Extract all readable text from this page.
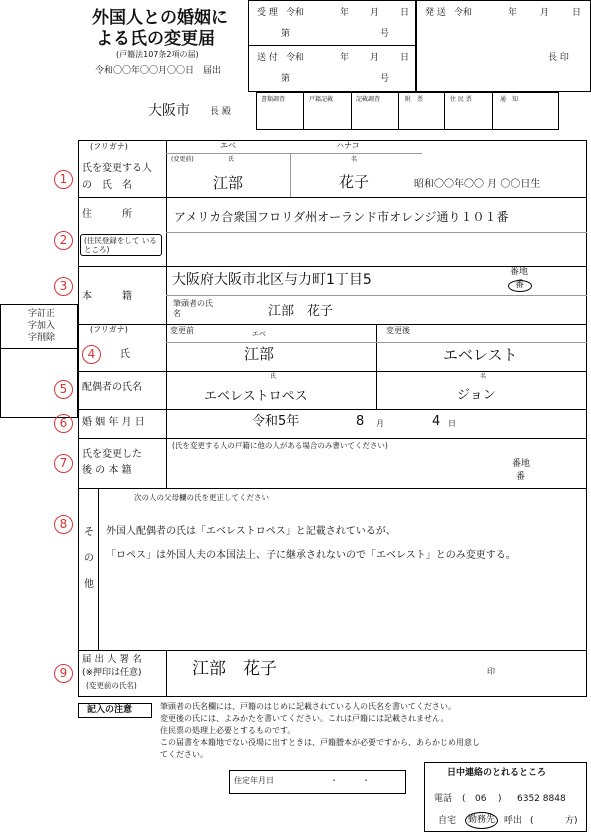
外国人との婚姻に
よる氏の変更届
(戸籍法107条2項の届)
令和〇〇年〇〇月〇〇日　届出
大阪市 長 殿
受 理 令和	年 月 日
第	号
送 付 令和	年 月 日
第	号
発 送 令和	年	月	日
長 印
書類調査	戸籍記載	記載調査	附　票	住 民 票	通　知
(フリガナ)	エベ	ハナコ
1
氏を変更する人
の　氏　名
(変更前)	氏	名
江部	花子	昭和〇〇年〇〇 月 〇〇日生
住　　　所	アメリカ合衆国フロリダ州オーランド市オレンジ通り１０１番
2	(住民登録をして いるところ)
3
本　　　籍
大阪府大阪市北区与力町1丁目5	番地
番
筆頭者の氏名	江部　花子
字訂正
字加入
字削除
(フリガナ)
4	氏
変更前	エベ	変更後
江部	エベレスト
5	配偶者の氏名
氏	名
エベレストロペス	ジョン
6	婚 姻 年 月 日	令和5年	8 月	4 日
7
氏を変更した
後 の 本 籍
(氏を変更する人の戸籍に他の人がある場合のみ書いてください)
番地
番
8
そ
の
他
次の人の父母欄の氏を更正してください
外国人配偶者の氏は「エベレストロペス」と記載されているが、
「ロペス」は外国人夫の本国法上、子に継承されないので「エベレスト」とのみ変更する。
9
届 出 人 署 名
(※押印は任意)
(変更前の氏名)
江部　花子	印
記入の注意	筆頭者の氏名欄には、戸籍のはじめに記載されている人の氏名を書いてください。
変更後の氏には、よみかたを書いてください。これは戸籍には記載されません。
住民票の処理上必要とするものです。
この届書を本籍地でない役場に出すときは、戸籍謄本が必要ですから、あらかじめ用意し
てください。
住定年月日	・　　　・
日中連絡のとれるところ
電話 ( 06 ) 6352 8848
自宅 勤務先 呼出 (	方)
